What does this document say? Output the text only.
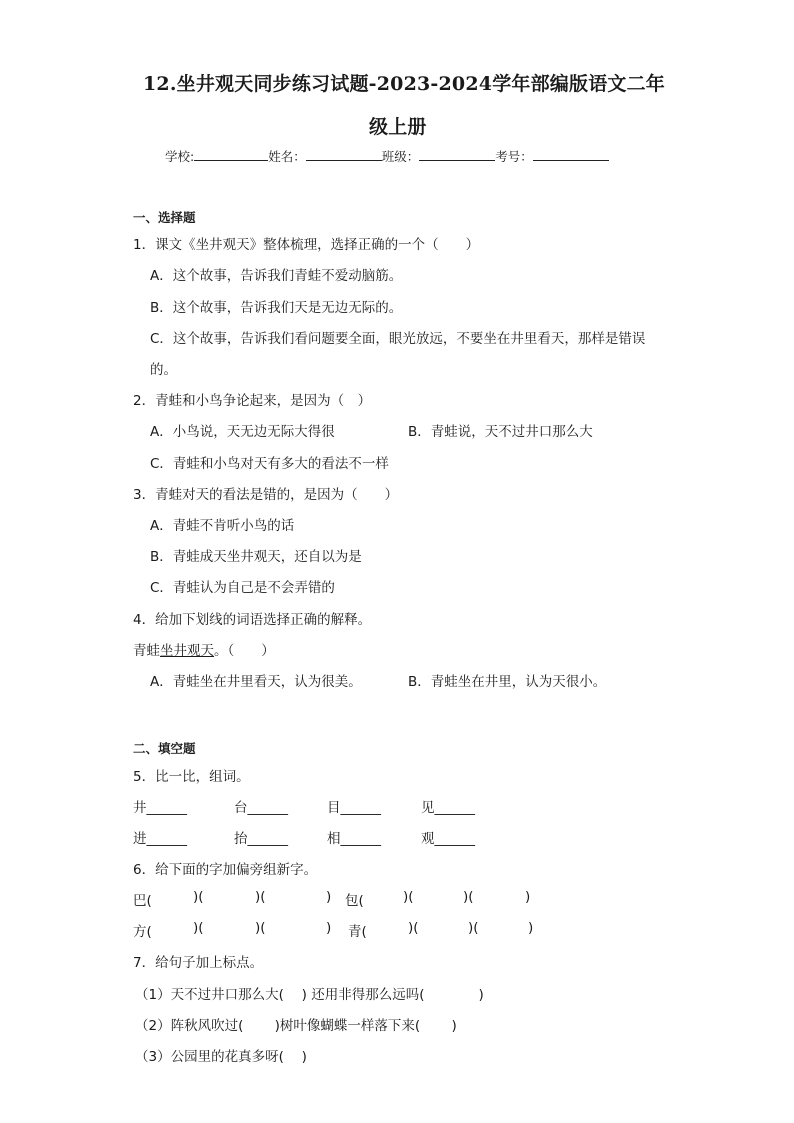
12.坐井观天同步练习试题-2023-2024学年部编版语文二年
级上册
学校:	姓名：	班级：	考号：
一、选择题
1．课文《坐井观天》整体梳理，选择正确的一个（　　）
A．这个故事，告诉我们青蛙不爱动脑筋。
B．这个故事，告诉我们天是无边无际的。
C．这个故事，告诉我们看问题要全面，眼光放远，不要坐在井里看天，那样是错误
的。
2．青蛙和小鸟争论起来，是因为（　）
A．小鸟说，天无边无际大得很	B．青蛙说，天不过井口那么大
C．青蛙和小鸟对天有多大的看法不一样
3．青蛙对天的看法是错的，是因为（　　）
A．青蛙不肯听小鸟的话
B．青蛙成天坐井观天，还自以为是
C．青蛙认为自己是不会弄错的
4．给加下划线的词语选择正确的解释。
青蛙坐井观天。（　　）
A．青蛙坐在井里看天，认为很美。	B．青蛙坐在井里，认为天很小。
二、填空题
5．比一比，组词。
井______	台______	目______	见______
进______	抬______	相______	观______
6．给下面的字加偏旁组新字。
巴(	)(	)(	) 包(	)(	)(	)
方(	)(	)(	) 青(	)(	)(	)
7．给句子加上标点。
（1）天不过井口那么大(　 ) 还用非得那么远吗(　　　　)
（2）阵秋风吹过(　　 )树叶像蝴蝶一样落下来(　　 )
（3）公园里的花真多呀(　 )
